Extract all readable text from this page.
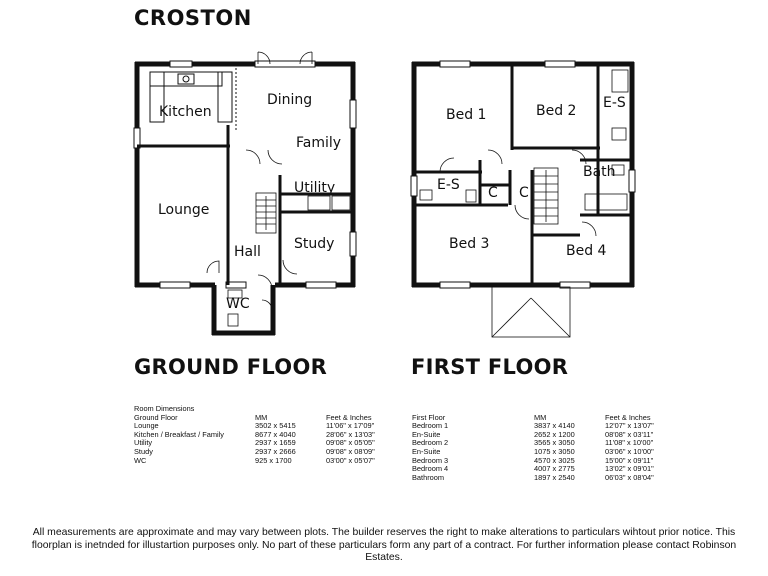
CROSTON
Kitchen
Dining
Family
Utility
Lounge
Hall Study
WC
Bed 1	Bed 2 E-S
Bath
E-S C C
Bed 3	Bed 4
GROUND FLOOR	FIRST FLOOR
Room Dimensions
Ground Floor	MM	Feet & Inches
Lounge	3502 x 5415	11'06" x 17'09"
Kitchen / Breakfast / Family	8677 x 4040	28'06" x 13'03"
Utility	2937 x 1659	09'08" x 05'05"
Study	2937 x 2666	09'08" x 08'09"
WC	925 x 1700	03'00" x 05'07"
First Floor	MM	Feet & Inches
Bedroom 1	3837 x 4140	12'07" x 13'07"
En-Suite	2652 x 1200	08'08" x 03'11"
Bedroom 2	3565 x 3050	11'08" x 10'00"
En-Suite	1075 x 3050	03'06" x 10'00"
Bedroom 3	4570 x 3025	15'00" x 09'11"
Bedroom 4	4007 x 2775	13'02" x 09'01"
Bathroom	1897 x 2540	06'03" x 08'04"
All measurements are approximate and may vary between plots. The builder reserves the right to make alterations to particulars wihtout prior notice. This floorplan is inetnded for illustartion purposes only. No part of these particulars form any part of a contract. For further information please contact Robinson Estates.
